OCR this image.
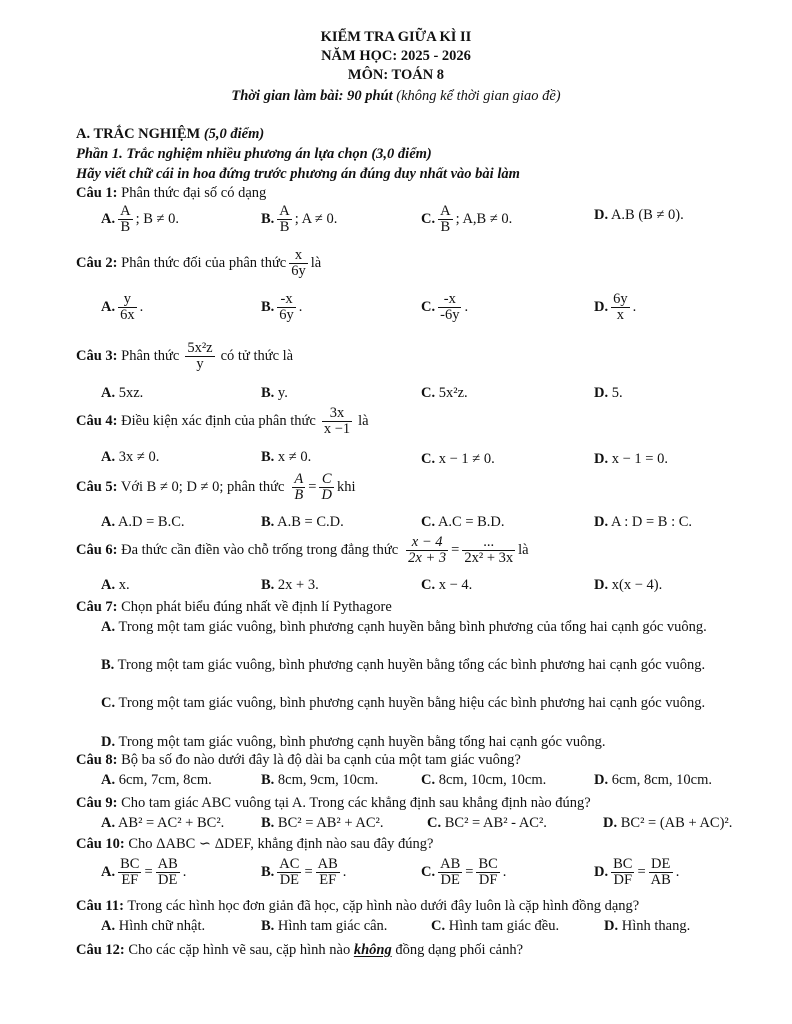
KIỂM TRA GIỮA KÌ II
NĂM HỌC: 2025 - 2026
MÔN: TOÁN 8
Thời gian làm bài: 90 phút (không kể thời gian giao đề)
A. TRẮC NGHIỆM (5,0 điểm)
Phần 1. Trắc nghiệm nhiều phương án lựa chọn (3,0 điểm)
Hãy viết chữ cái in hoa đứng trước phương án đúng duy nhất vào bài làm
Câu 1: Phân thức đại số có dạng
A. $\frac{A}{B}$ ; B ≠ 0.	B. $\frac{A}{B}$ ; A ≠ 0.	C. $\frac{A}{B}$ ; A,B ≠ 0.	D. A.B (B ≠ 0).
Câu 2: Phân thức đối của phân thức $\frac{x}{6y}$ là
A. $\frac{y}{6x}$ .	B. $\frac{-x}{6y}$ .	C. $\frac{-x}{-6y}$ .	D. $\frac{6y}{x}$ .
Câu 3: Phân thức $\frac{\text{5x²z}}{y}$ có tử thức là
A. 5xz.	B. y.	C. 5x²z.	D. 5.
Câu 4: Điều kiện xác định của phân thức $\frac{3x}{x -1}$ là
A. 3x ≠ 0.	B. x ≠ 0.	C. x − 1 ≠ 0.	D. x − 1 = 0.
Câu 5: Với B ≠ 0; D ≠ 0; phân thức $\frac{A}{B} = \frac{C}{D}$ khi
A. A.D = B.C.	B. A.B = C.D.	C. A.C = B.D.	D. A : D = B : C.
Câu 6: Đa thức cần điền vào chỗ trống trong đẳng thức $\frac{x - 4}{2x + 3} = \frac{...}{\text{2x² + 3x}}$ là
A. x.	B. 2x + 3.	C. x − 4.	D. x(x − 4).
Câu 7: Chọn phát biểu đúng nhất về định lí Pythagore
A. Trong một tam giác vuông, bình phương cạnh huyền bằng bình phương của tổng hai cạnh góc vuông.
B. Trong một tam giác vuông, bình phương cạnh huyền bằng tổng các bình phương hai cạnh góc vuông.
C. Trong một tam giác vuông, bình phương cạnh huyền bằng hiệu các bình phương hai cạnh góc vuông.
D. Trong một tam giác vuông, bình phương cạnh huyền bằng tổng hai cạnh góc vuông.
Câu 8: Bộ ba số đo nào dưới đây là độ dài ba cạnh của một tam giác vuông?
A. 6cm, 7cm, 8cm.	B. 8cm, 9cm, 10cm.	C. 8cm, 10cm, 10cm.	D. 6cm, 8cm, 10cm.
Câu 9: Cho tam giác ABC vuông tại A. Trong các khẳng định sau khẳng định nào đúng?
A. AB² = AC² + BC².	B. BC² = AB² + AC².	C. BC² = AB² - AC².	D. BC² = (AB + AC)².
Câu 10: Cho ΔABC ∽ ΔDEF, khẳng định nào sau đây đúng?
A. $\frac{BC}{EF} = \frac{AB}{DE}$ .	B. $\frac{AC}{DE} = \frac{AB}{EF}$ .	C. $\frac{AB}{DE} = \frac{BC}{DF}$ .	D. $\frac{BC}{DF} = \frac{DE}{AB}$ .
Câu 11: Trong các hình học đơn giản đã học, cặp hình nào dưới đây luôn là cặp hình đồng dạng?
A. Hình chữ nhật.	B. Hình tam giác cân.	C. Hình tam giác đều.	D. Hình thang.
Câu 12: Cho các cặp hình vẽ sau, cặp hình nào không đồng dạng phối cảnh?
